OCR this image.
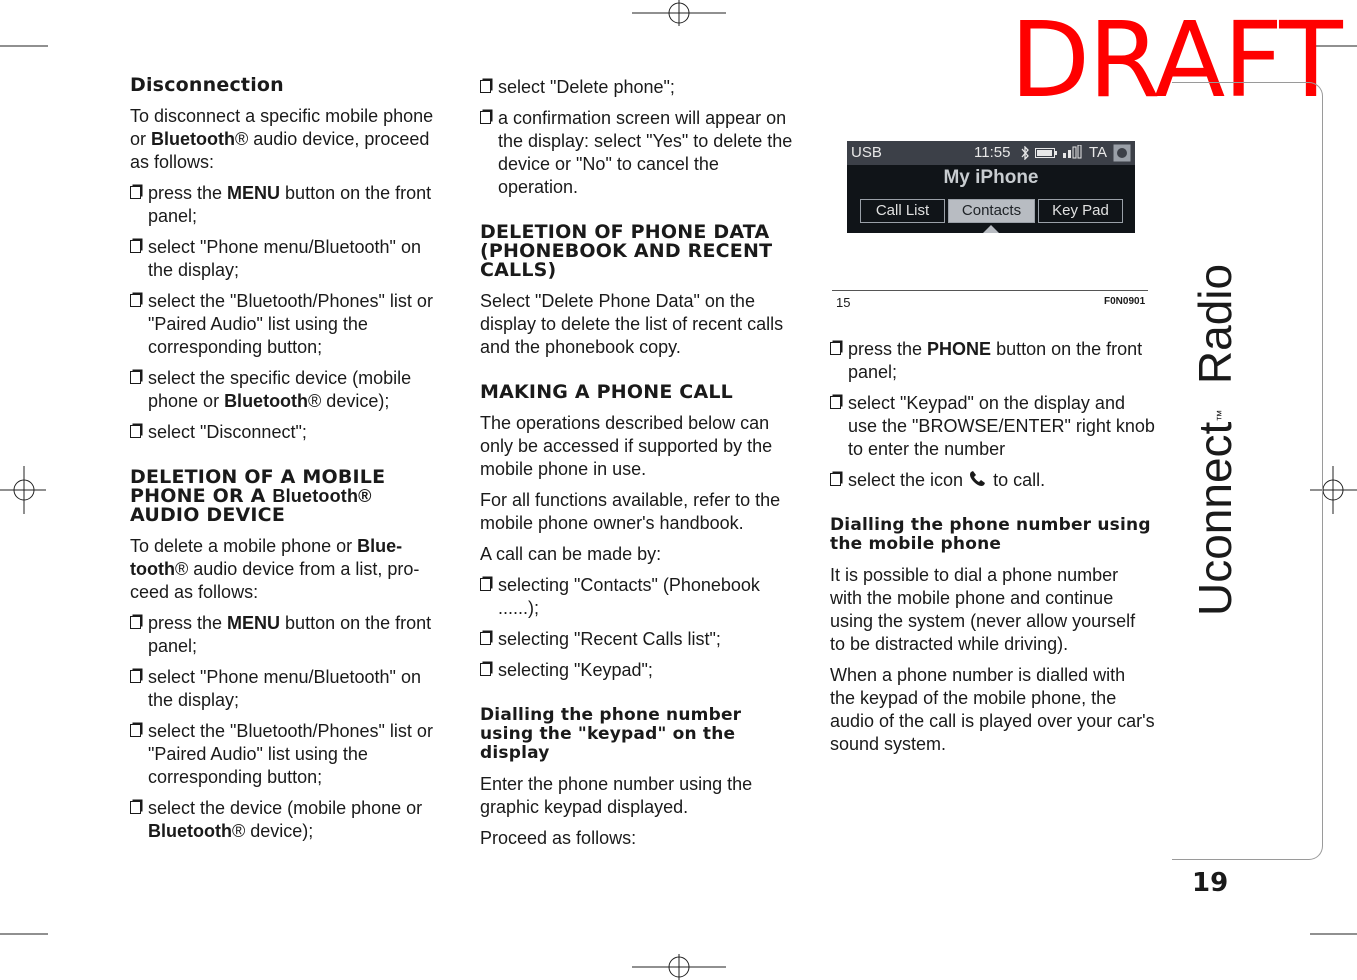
DRAFT
Uconnect™  Radio
19
Disconnection

To disconnect a specific mobile phone or Bluetooth® audio device, proceed as follows:

press the MENU button on the front panel;
select "Phone menu/Bluetooth" on the display;
select the "Bluetooth/Phones" list or "Paired Audio" list using the corresponding button;
select the specific device (mobile phone or Bluetooth® device);
select "Disconnect";
DELETION OF A MOBILE PHONE OR A Bluetooth® AUDIO DEVICE

To delete a mobile phone or Blue-
tooth® audio device from a list, pro-ceed as follows:

press the MENU button on the front panel;
select "Phone menu/Bluetooth" on the display;
select the "Bluetooth/Phones" list or "Paired Audio" list using the corresponding button;
select the device (mobile phone or Bluetooth® device);
select "Delete phone";
a confirmation screen will appear on the display: select "Yes" to delete the device or "No" to cancel the operation.
DELETION OF PHONE DATA (PHONEBOOK AND RECENT CALLS)

Select "Delete Phone Data" on the display to delete the list of recent calls and the phonebook copy.

MAKING A PHONE CALL

The operations described below can only be accessed if supported by the mobile phone in use.

For all functions available, refer to the mobile phone owner's handbook.

A call can be made by:

selecting "Contacts" (Phonebook ......);
selecting "Recent Calls list";
selecting "Keypad";
Dialling the phone number using the "keypad" on the display

Enter the phone number using the graphic keypad displayed.

Proceed as follows:

USB	11:55	TA
My iPhone
Call List	Contacts	Key Pad
15	F0N0901
press the PHONE button on the front panel;
select "Keypad" on the display and use the "BROWSE/ENTER" right knob to enter the number
select the icon  to call.
Dialling the phone number using the mobile phone

It is possible to dial a phone number with the mobile phone and continue using the system (never allow yourself to be distracted while driving).

When a phone number is dialled with the keypad of the mobile phone, the audio of the call is played over your car's sound system.
